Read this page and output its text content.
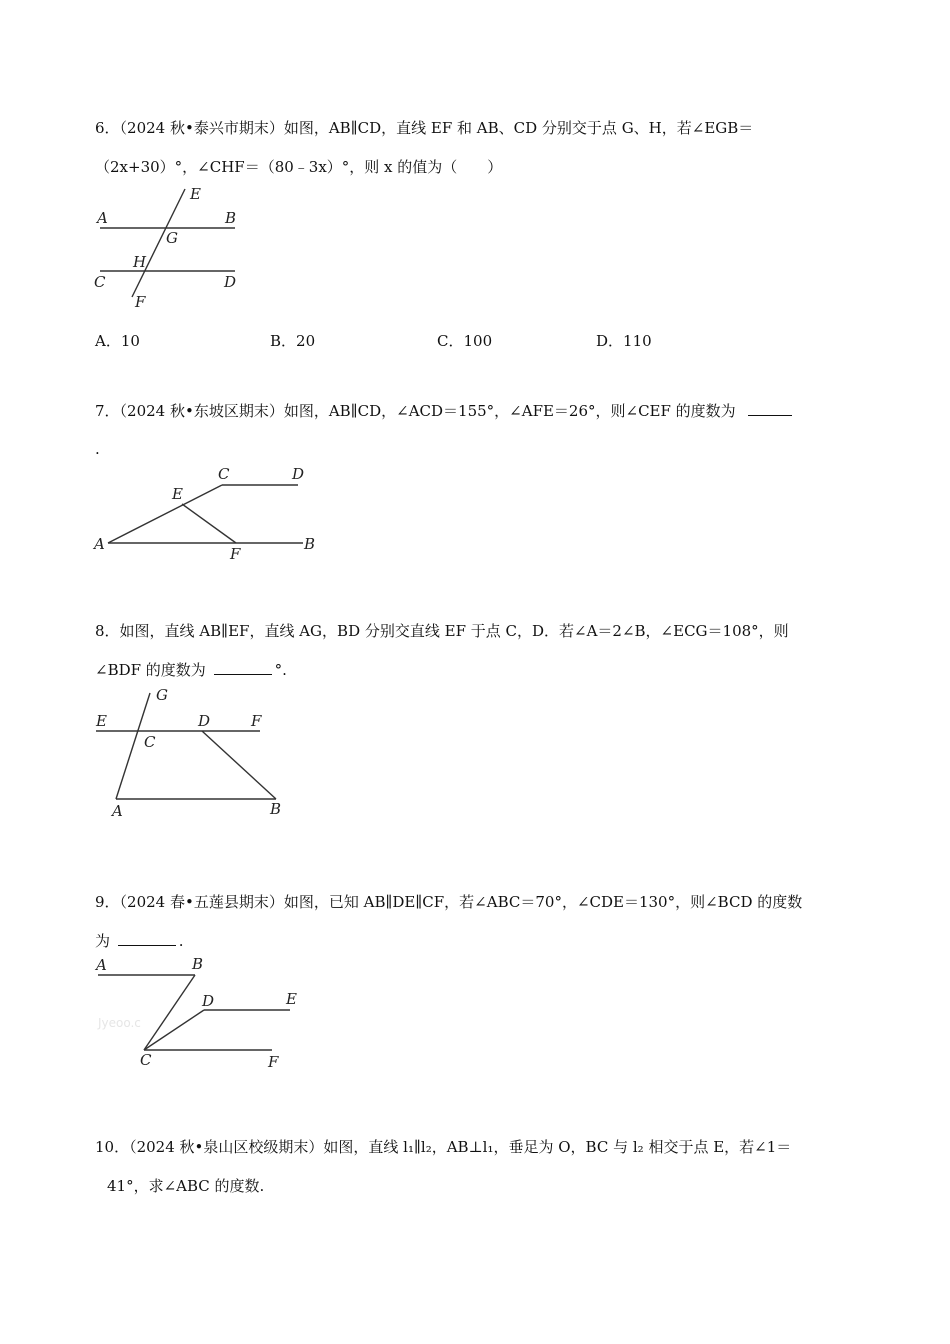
6．（2024 秋•泰兴市期末）如图，AB∥CD，直线 EF 和 AB、CD 分别交于点 G、H，若∠EGB＝
（2x+30）°，∠CHF＝（80﹣3x）°，则 x 的值为（　　）
A	B
E
G
H
C	D
F
A．10	B．20	C．100	D．110
7．（2024 秋•东坡区期末）如图，AB∥CD，∠ACD＝155°，∠AFE＝26°，则∠CEF 的度数为
.
A	B
C	D
E
F
8．如图，直线 AB∥EF，直线 AG，BD 分别交直线 EF 于点 C，D．若∠A＝2∠B，∠ECG＝108°，则
∠BDF 的度数为	°.
G
E	D	F
C
A	B
9．（2024 春•五莲县期末）如图，已知 AB∥DE∥CF，若∠ABC＝70°，∠CDE＝130°，则∠BCD 的度数
为	.
Jyeoo.c
A	B
D	E
C	F
10．（2024 秋•泉山区校级期末）如图，直线 l₁∥l₂，AB⊥l₁，垂足为 O，BC 与 l₂ 相交于点 E，若∠1＝
41°，求∠ABC 的度数.
